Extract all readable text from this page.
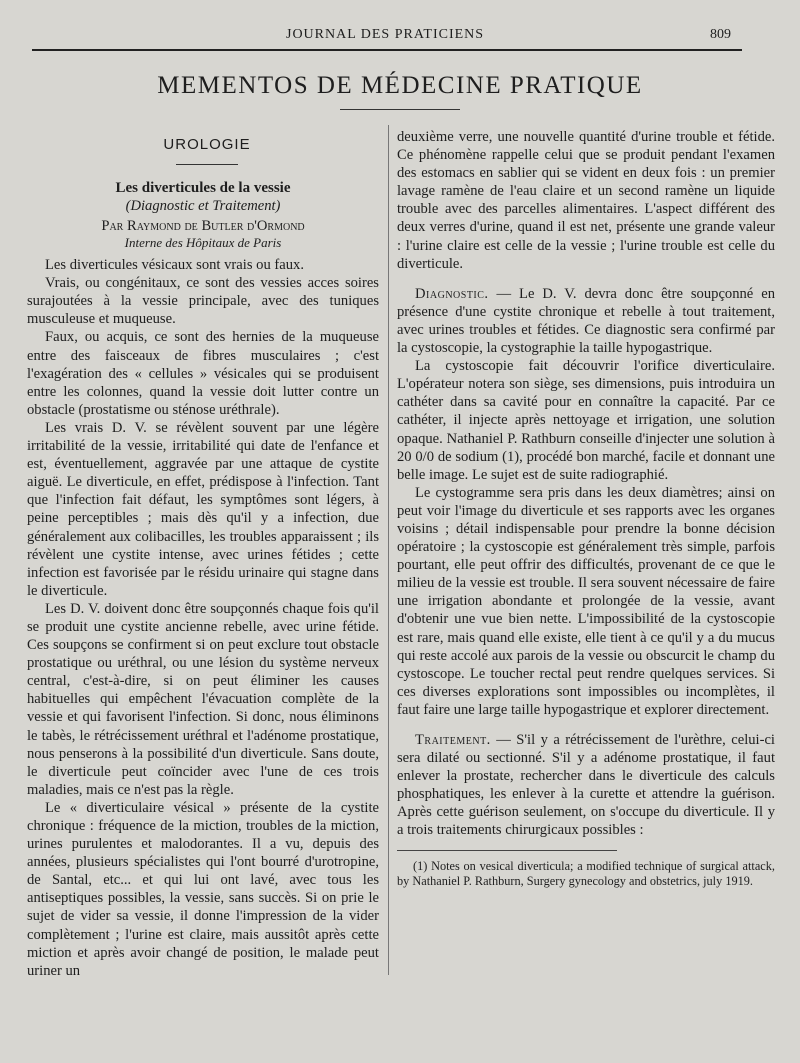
JOURNAL DES PRATICIENS	809
MEMENTOS DE MÉDECINE PRATIQUE
UROLOGIE
Les diverticules de la vessie
(Diagnostic et Traitement)
Par Raymond de Butler d'Ormond
Interne des Hôpitaux de Paris

Les diverticules vésicaux sont vrais ou faux.

Vrais, ou congénitaux, ce sont des vessies acces soires surajoutées à la vessie principale, avec des tuniques musculeuse et muqueuse.

Faux, ou acquis, ce sont des hernies de la muqueuse entre des faisceaux de fibres musculaires ; c'est l'exagération des « cellules » vésicales qui se produisent entre les colonnes, quand la vessie doit lutter contre un obstacle (prostatisme ou sténose uréthrale).

Les vrais D. V. se révèlent souvent par une légère irritabilité de la vessie, irritabilité qui date de l'enfance et est, éventuellement, aggravée par une attaque de cystite aiguë. Le diverticule, en effet, prédispose à l'infection. Tant que l'infection fait défaut, les symptômes sont légers, à peine perceptibles ; mais dès qu'il y a infection, due généralement aux colibacilles, les troubles apparaissent ; ils révèlent une cystite intense, avec urines fétides ; cette infection est favorisée par le résidu urinaire qui stagne dans le diverticule.

Les D. V. doivent donc être soupçonnés chaque fois qu'il se produit une cystite ancienne rebelle, avec urine fétide. Ces soupçons se confirment si on peut exclure tout obstacle prostatique ou uréthral, ou une lésion du système nerveux central, c'est-à-dire, si on peut éliminer les causes habituelles qui empêchent l'évacuation complète de la vessie et qui favorisent l'infection. Si donc, nous éliminons le tabès, le rétrécissement uréthral et l'adénome prostatique, nous penserons à la possibilité d'un diverticule. Sans doute, le diverticule peut coïncider avec l'une de ces trois maladies, mais ce n'est pas la règle.

Le « diverticulaire vésical » présente de la cystite chronique : fréquence de la miction, troubles de la miction, urines purulentes et malodorantes. Il a vu, depuis des années, plusieurs spécialistes qui l'ont bourré d'urotropine, de Santal, etc... et qui lui ont lavé, avec tous les antiseptiques possibles, la vessie, sans succès. Si on prie le sujet de vider sa vessie, il donne l'impression de la vider complètement ; l'urine est claire, mais aussitôt après cette miction et après avoir changé de position, le malade peut uriner un

deuxième verre, une nouvelle quantité d'urine trouble et fétide. Ce phénomène rappelle celui que se produit pendant l'examen des estomacs en sablier qui se vident en deux fois : un premier lavage ramène de l'eau claire et un second ramène un liquide trouble avec des parcelles alimentaires. L'aspect différent des deux verres d'urine, quand il est net, présente une grande valeur : l'urine claire est celle de la vessie ; l'urine trouble est celle du diverticule.

Diagnostic. — Le D. V. devra donc être soupçonné en présence d'une cystite chronique et rebelle à tout traitement, avec urines troubles et fétides. Ce diagnostic sera confirmé par la cystoscopie, la cystographie la taille hypogastrique.

La cystoscopie fait découvrir l'orifice diverticulaire. L'opérateur notera son siège, ses dimensions, puis introduira un cathéter dans sa cavité pour en connaître la capacité. Par ce cathéter, il injecte après nettoyage et irrigation, une solution opaque. Nathaniel P. Rathburn conseille d'injecter une solution à 20 0/0 de sodium (1), procédé bon marché, facile et donnant une belle image. Le sujet est de suite radiographié.

Le cystogramme sera pris dans les deux diamètres; ainsi on peut voir l'image du diverticule et ses rapports avec les organes voisins ; détail indispensable pour prendre la bonne décision opératoire ; la cystoscopie est généralement très simple, parfois pourtant, elle peut offrir des difficultés, provenant de ce que le milieu de la vessie est trouble. Il sera souvent nécessaire de faire une irrigation abondante et prolongée de la vessie, avant d'obtenir une vue bien nette. L'impossibilité de la cystoscopie est rare, mais quand elle existe, elle tient à ce qu'il y a du mucus qui reste accolé aux parois de la vessie ou obscurcit le champ du cystoscope. Le toucher rectal peut rendre quelques services. Si ces diverses explorations sont impossibles ou incomplètes, il faut faire une large taille hypogastrique et explorer directement.

Traitement. — S'il y a rétrécissement de l'urèthre, celui-ci sera dilaté ou sectionné. S'il y a adénome prostatique, il faut enlever la prostate, rechercher dans le diverticule des calculs phosphatiques, les enlever à la curette et attendre la guérison. Après cette guérison seulement, on s'occupe du diverticule. Il y a trois traitements chirurgicaux possibles :

(1) Notes on vesical diverticula; a modified technique of surgical attack, by Nathaniel P. Rathburn, Surgery gynecology and obstetrics, july 1919.
